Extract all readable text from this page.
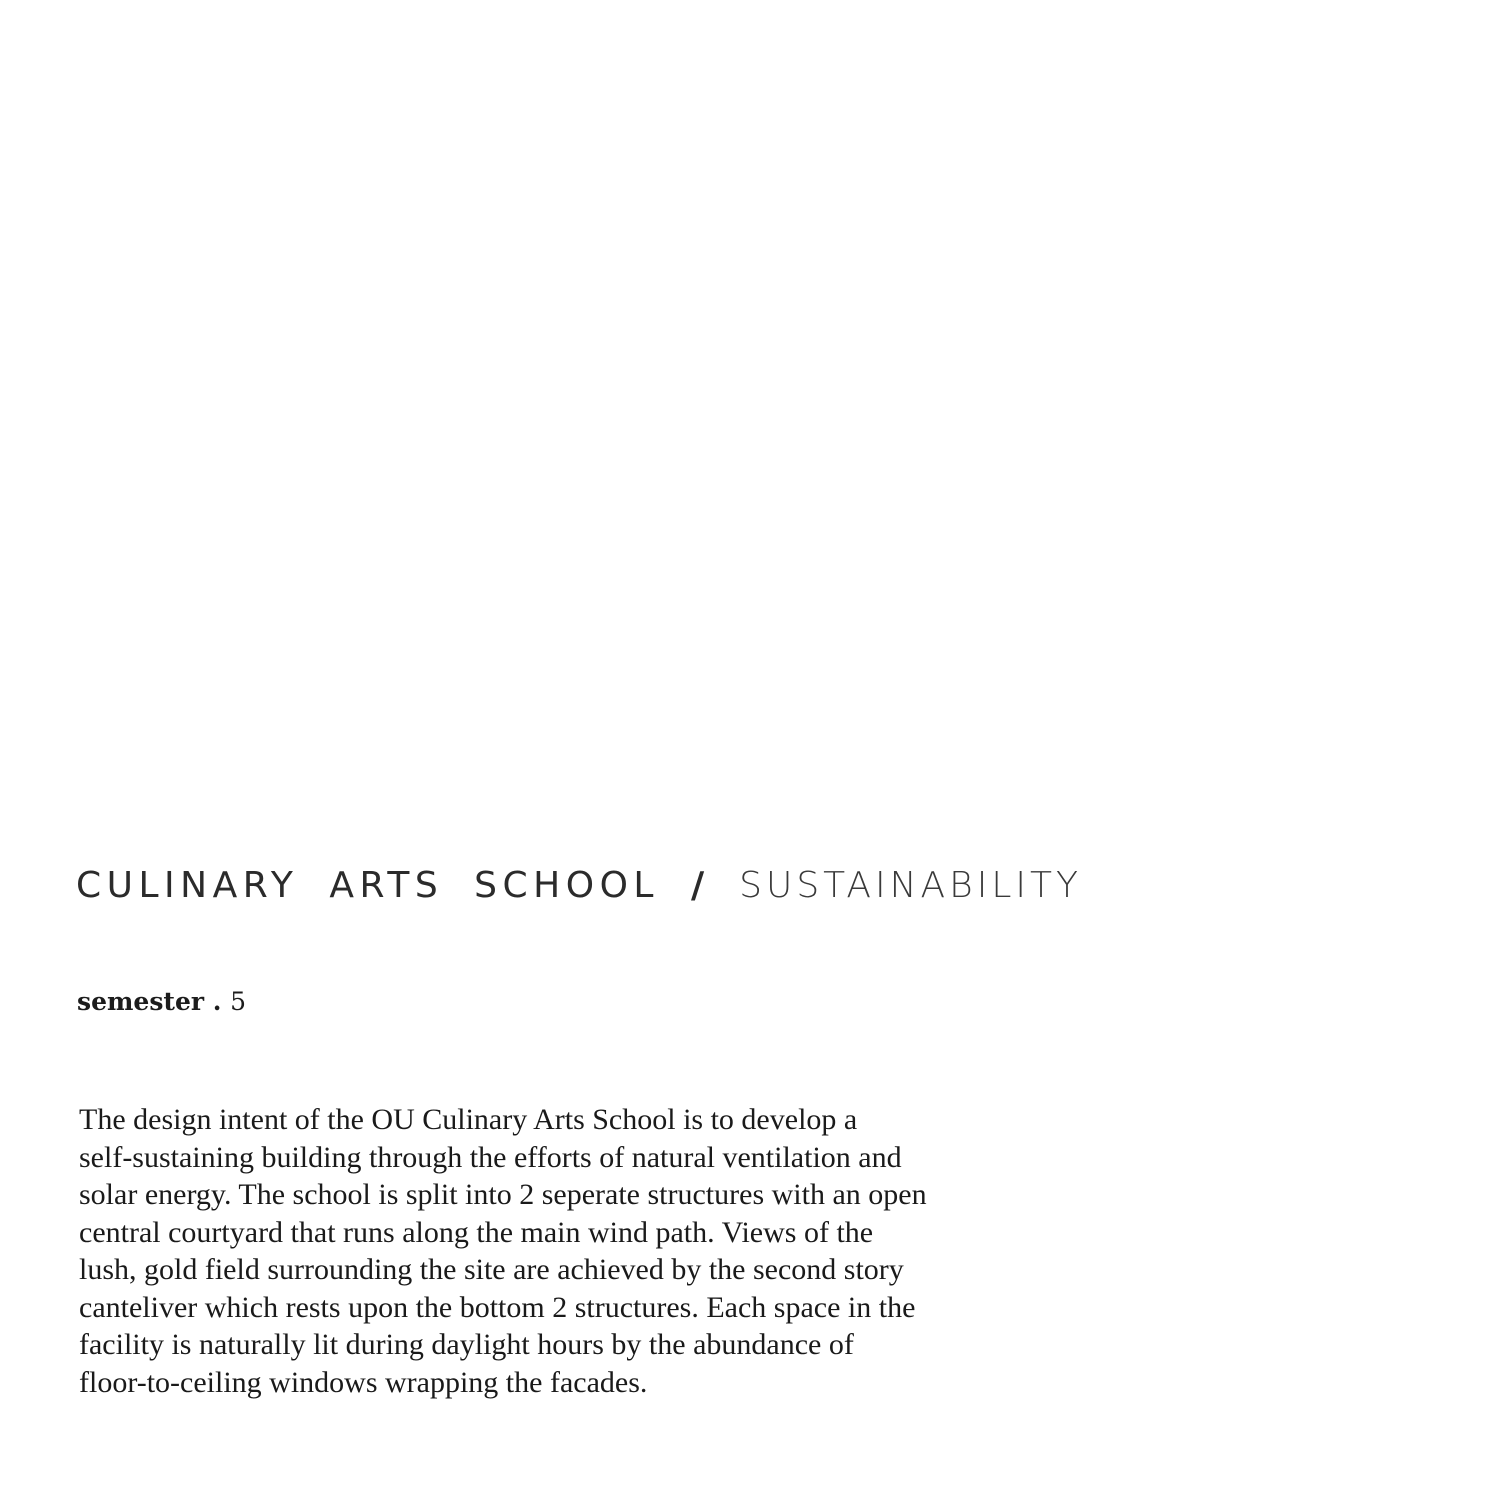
CULINARY ARTS SCHOOL / SUSTAINABILITY

semester . 5

The design intent of the OU Culinary Arts School is to develop a
self-sustaining building through the efforts of natural ventilation and
solar energy. The school is split into 2 seperate structures with an open
central courtyard that runs along the main wind path. Views of the
lush, gold field surrounding the site are achieved by the second story
canteliver which rests upon the bottom 2 structures. Each space in the
facility is naturally lit during daylight hours by the abundance of
floor-to-ceiling windows wrapping the facades.
